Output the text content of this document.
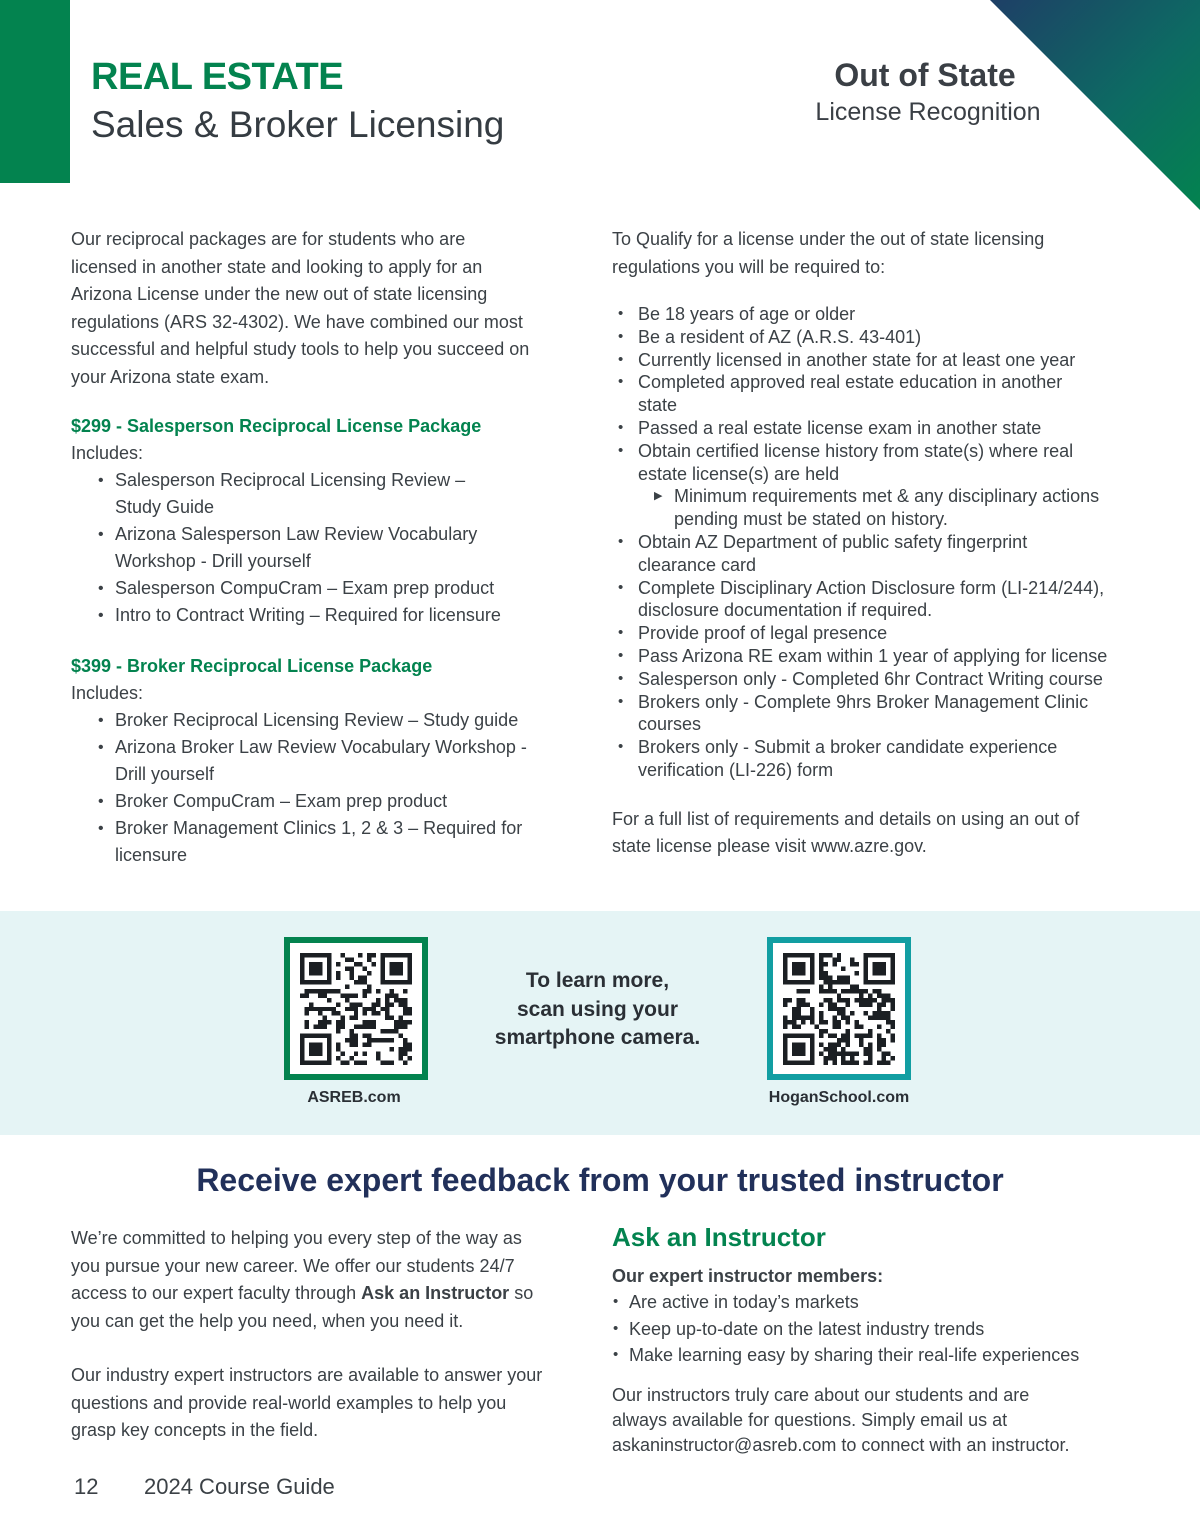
REAL ESTATE
Sales & Broker Licensing
Out of State
License Recognition

Our reciprocal packages are for students who are
licensed in another state and looking to apply for an
Arizona License under the new out of state licensing
regulations (ARS 32-4302). We have combined our most
successful and helpful study tools to help you succeed on
your Arizona state exam.

$299 - Salesperson Reciprocal License Package
Includes:
• Salesperson Reciprocal Licensing Review –
Study Guide
• Arizona Salesperson Law Review Vocabulary
Workshop - Drill yourself
• Salesperson CompuCram – Exam prep product
• Intro to Contract Writing – Required for licensure
$399 - Broker Reciprocal License Package
Includes:
• Broker Reciprocal Licensing Review – Study guide
• Arizona Broker Law Review Vocabulary Workshop -
Drill yourself
• Broker CompuCram – Exam prep product
• Broker Management Clinics 1, 2 & 3 – Required for
licensure

To Qualify for a license under the out of state licensing
regulations you will be required to:

• Be 18 years of age or older
• Be a resident of AZ (A.R.S. 43-401)
• Currently licensed in another state for at least one year
• Completed approved real estate education in another
state
• Passed a real estate license exam in another state
• Obtain certified license history from state(s) where real
estate license(s) are held
▶ Minimum requirements met & any disciplinary actions
pending must be stated on history.
• Obtain AZ Department of public safety fingerprint
clearance card
• Complete Disciplinary Action Disclosure form (LI-214/244),
disclosure documentation if required.
• Provide proof of legal presence
• Pass Arizona RE exam within 1 year of applying for license
• Salesperson only - Completed 6hr Contract Writing course
• Brokers only - Complete 9hrs Broker Management Clinic
courses
• Brokers only - Submit a broker candidate experience
verification (LI-226) form

For a full list of requirements and details on using an out of
state license please visit www.azre.gov.

ASREB.com
To learn more,
scan using your
smartphone camera.
HoganSchool.com
Receive expert feedback from your trusted instructor

We’re committed to helping you every step of the way as
you pursue your new career. We offer our students 24/7
access to our expert faculty through Ask an Instructor so
you can get the help you need, when you need it.

Our industry expert instructors are available to answer your
questions and provide real-world examples to help you
grasp key concepts in the field.

Ask an Instructor
Our expert instructor members:
• Are active in today’s markets
• Keep up-to-date on the latest industry trends
• Make learning easy by sharing their real-life experiences

Our instructors truly care about our students and are
always available for questions. Simply email us at
askaninstructor@asreb.com to connect with an instructor.

12 2024 Course Guide
